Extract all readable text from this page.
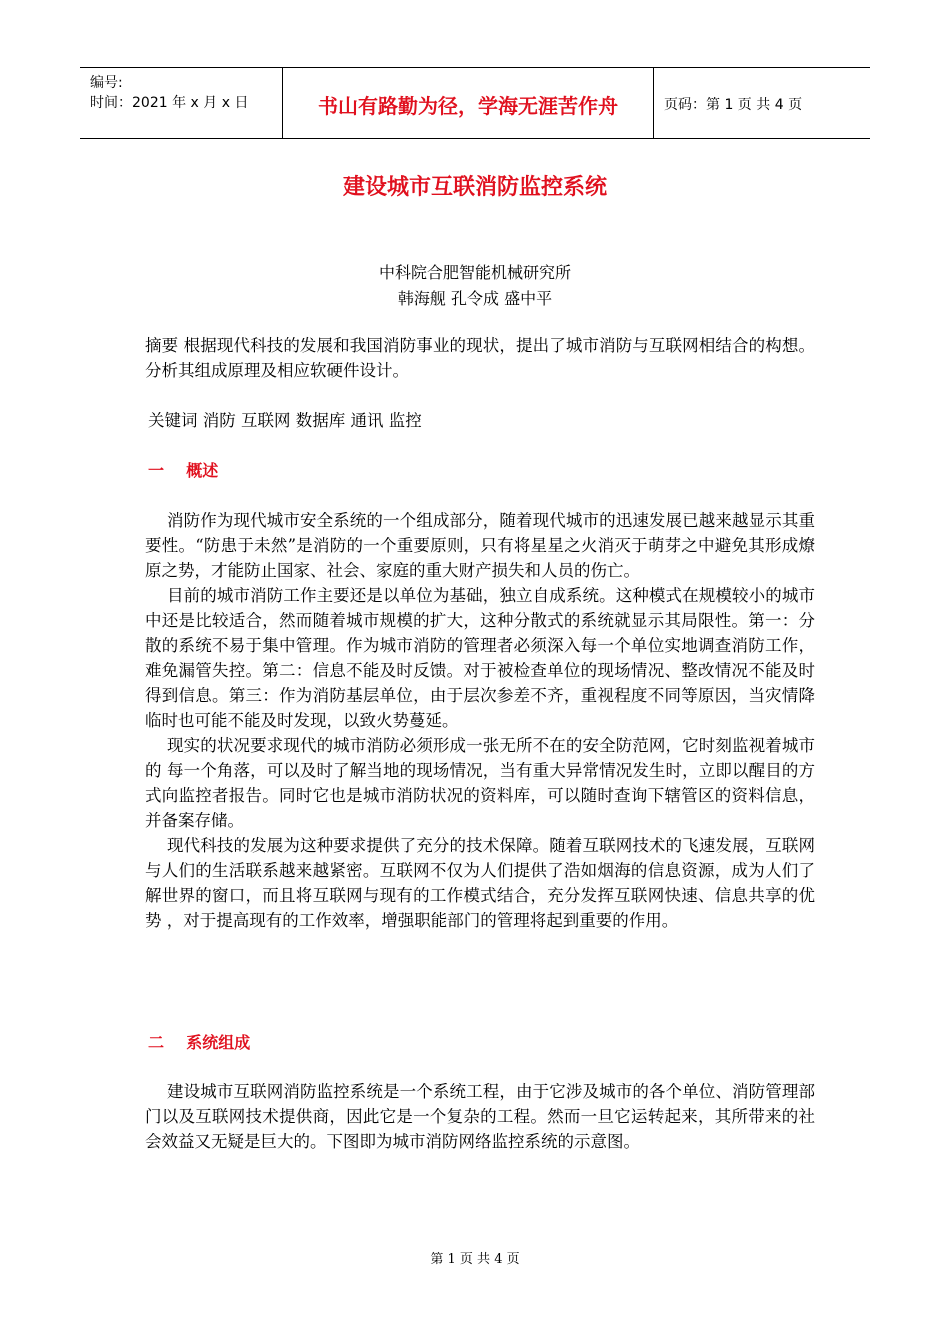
编号:
时间：2021 年 x 月 x 日	书山有路勤为径，学海无涯苦作舟	页码：第 1 页 共 4 页
建设城市互联消防监控系统
中科院合肥智能机械研究所
韩海舰 孔令成 盛中平
摘要 根据现代科技的发展和我国消防事业的现状，提出了城市消防与互联网相结合的构想。分析其组成原理及相应软硬件设计。
关键词 消防 互联网 数据库 通讯 监控
一    概述

消防作为现代城市安全系统的一个组成部分，随着现代城市的迅速发展已越来越显示其重要性。“防患于未然”是消防的一个重要原则，只有将星星之火消灭于萌芽之中避免其形成燎原之势，才能防止国家、社会、家庭的重大财产损失和人员的伤亡。

目前的城市消防工作主要还是以单位为基础，独立自成系统。这种模式在规模较小的城市中还是比较适合，然而随着城市规模的扩大，这种分散式的系统就显示其局限性。第一：分散的系统不易于集中管理。作为城市消防的管理者必须深入每一个单位实地调查消防工作，难免漏管失控。第二：信息不能及时反馈。对于被检查单位的现场情况、整改情况不能及时得到信息。第三：作为消防基层单位，由于层次参差不齐，重视程度不同等原因，当灾情降临时也可能不能及时发现，以致火势蔓延。

现实的状况要求现代的城市消防必须形成一张无所不在的安全防范网，它时刻监视着城市的 每一个角落，可以及时了解当地的现场情况，当有重大异常情况发生时，立即以醒目的方式向监控者报告。同时它也是城市消防状况的资料库，可以随时查询下辖管区的资料信息，并备案存储。

现代科技的发展为这种要求提供了充分的技术保障。随着互联网技术的飞速发展，互联网与人们的生活联系越来越紧密。互联网不仅为人们提供了浩如烟海的信息资源，成为人们了解世界的窗口，而且将互联网与现有的工作模式结合，充分发挥互联网快速、信息共享的优势 ，对于提高现有的工作效率，增强职能部门的管理将起到重要的作用。

二    系统组成

建设城市互联网消防监控系统是一个系统工程，由于它涉及城市的各个单位、消防管理部门以及互联网技术提供商，因此它是一个复杂的工程。然而一旦它运转起来，其所带来的社会效益又无疑是巨大的。下图即为城市消防网络监控系统的示意图。

第 1 页 共 4 页
